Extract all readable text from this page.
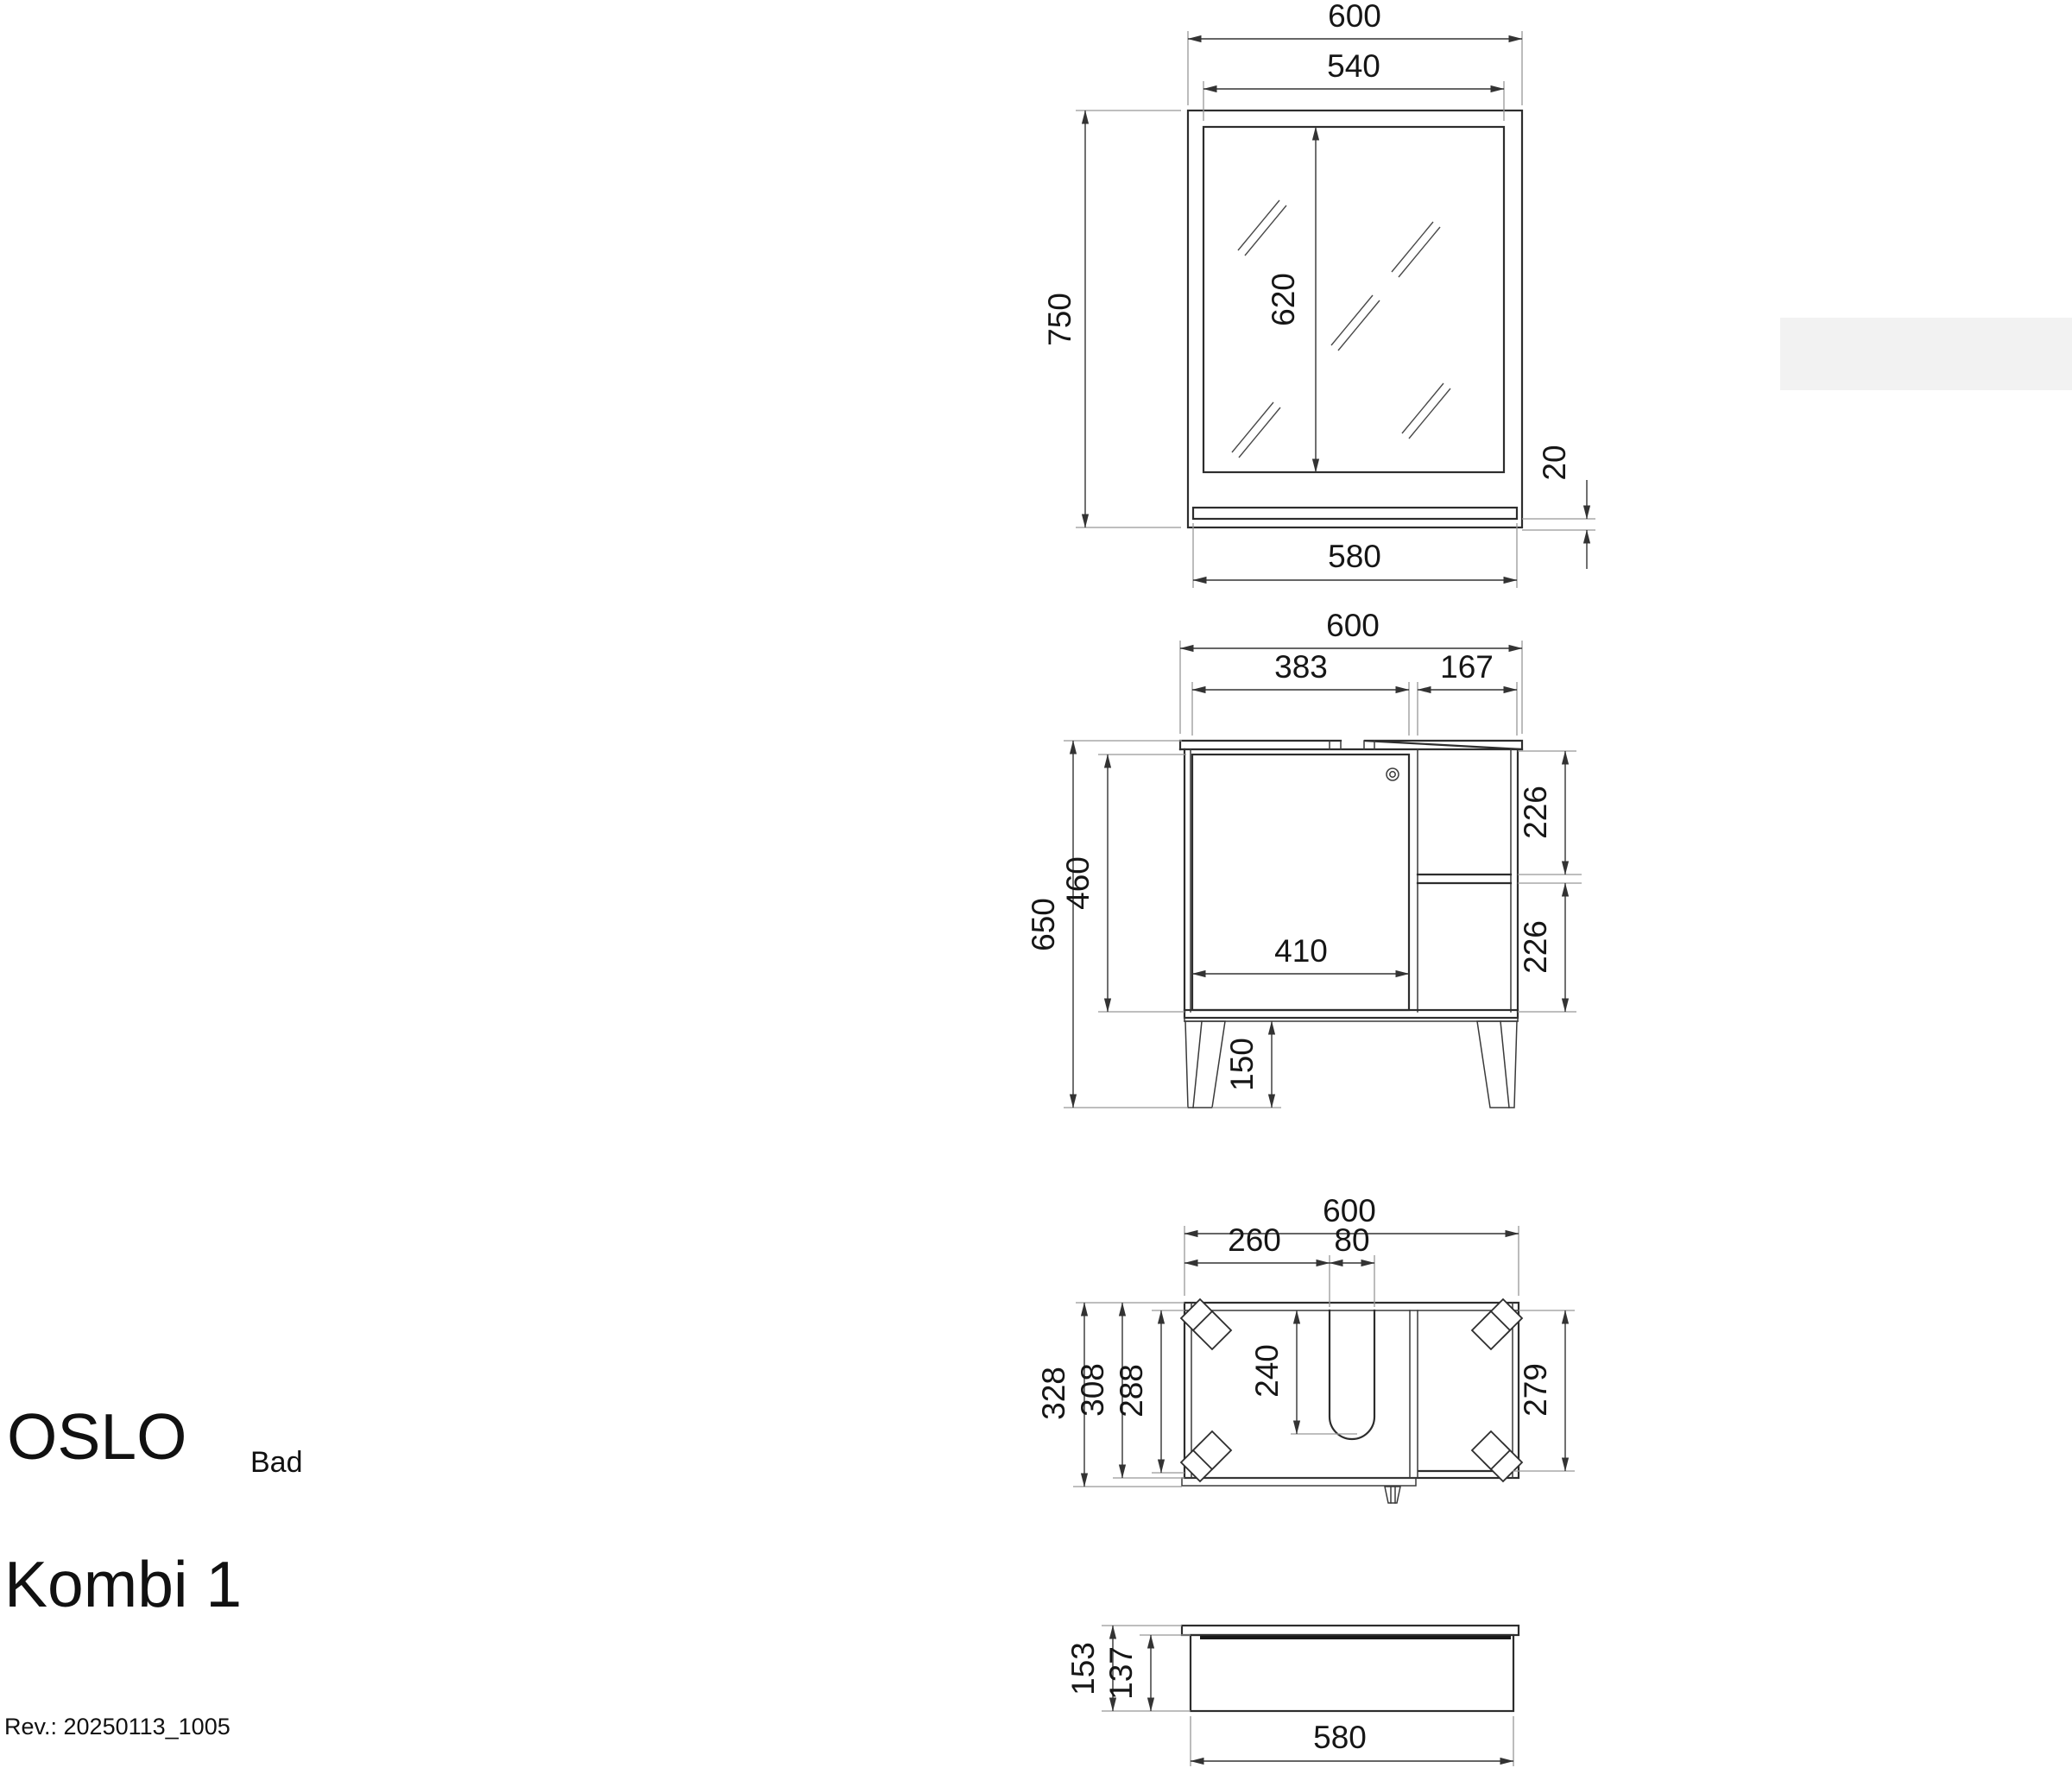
600
540
750	620
20
580
600
383	167
650
460
410
226
226
150
600
260 80
240
328 308 288	279
153 137
580
OSLO Bad
Kombi 1
Rev.: 20250113_1005
